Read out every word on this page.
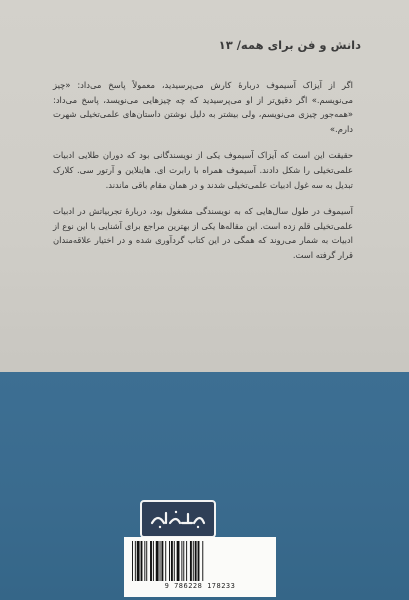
دانش و فن برای همه/ ۱۳

اگر از آیزاک آسیموف دربارهٔ کارش می‌پرسیدید، معمولاً پاسخ می‌داد: «چیز می‌نویسم.» اگر دقیق‌تر از او می‌پرسیدید که چه چیزهایی می‌نویسد، پاسخ می‌داد: «همه‌جور چیزی می‌نویسم، ولی بیشتر به دلیل نوشتن داستان‌های علمی‌تخیلی شهرت دارم.»

حقیقت این است که آیزاک آسیموف یکی از نویسندگانی بود که دوران طلایی ادبیات علمی‌تخیلی را شکل دادند. آسیموف همراه با رابرت ای. هاینلاین و آرتور سی. کلارک تبدیل به سه غول ادبیات علمی‌تخیلی شدند و در همان مقام باقی ماندند.

آسیموف در طول سال‌هایی که به نویسندگی مشغول بود، دربارهٔ تجربیاتش در ادبیات علمی‌تخیلی قلم زده است. این مقاله‌ها یکی از بهترین مراجع برای آشنایی با این نوع از ادبیات به شمار می‌روند که همگی در این کتاب گردآوری شده و در اختیار علاقه‌مندان قرار گرفته است.

9 786228 178233
